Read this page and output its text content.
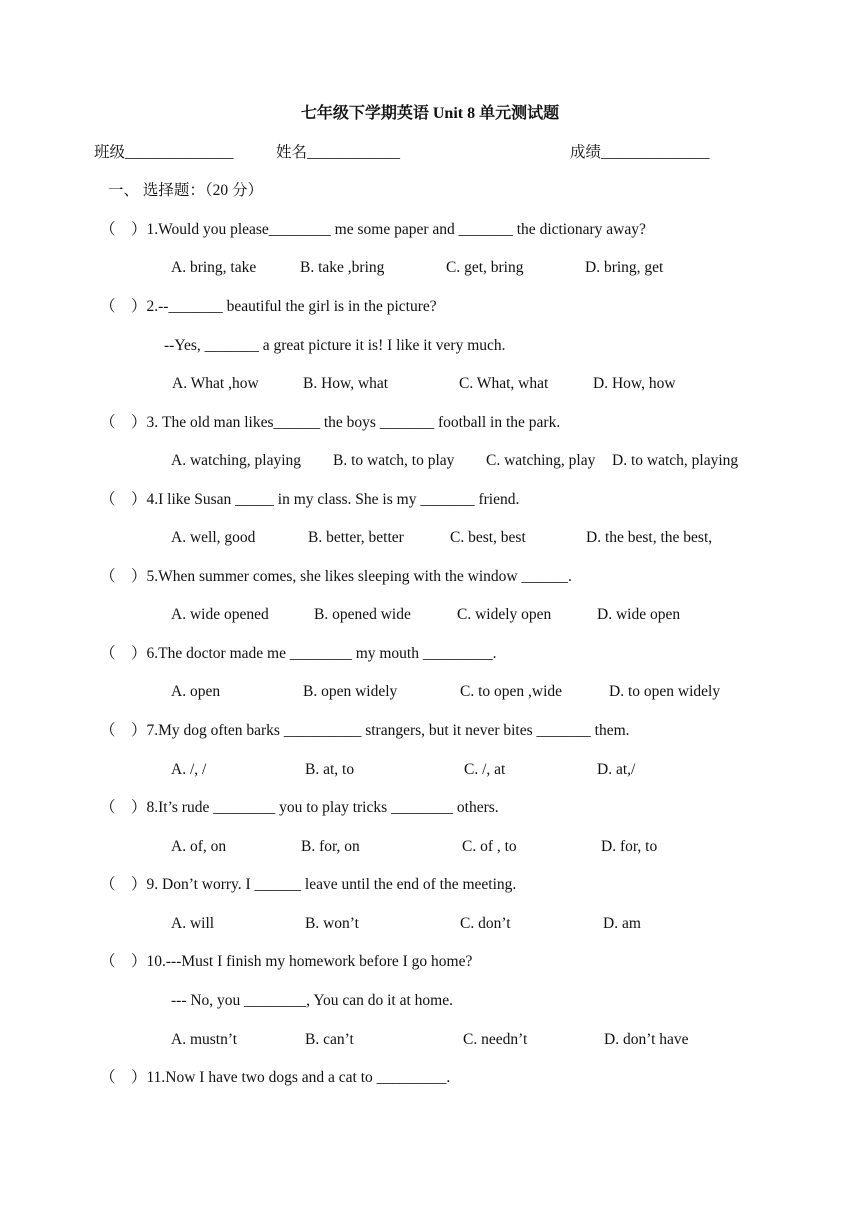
七年级下学期英语 Unit 8 单元测试题
班级______________	姓名____________	成绩______________
一、 选择题：（20 分）
（    ）1.Would you please________ me some paper and _______ the dictionary away?
A. bring, take	B. take ,bring	C. get, bring	D. bring, get
（    ）2.--_______ beautiful the girl is in the picture?
--Yes, _______ a great picture it is! I like it very much.
A. What ,how	B. How, what	C. What, what	D. How, how
（    ）3. The old man likes______ the boys _______ football in the park.
A. watching, playing B. to watch, to play C. watching, play D. to watch, playing
（    ）4.I like Susan _____ in my class. She is my _______ friend.
A. well, good	B. better, better	C. best, best	D. the best, the best,
（    ）5.When summer comes, she likes sleeping with the window ______.
A. wide opened	B. opened wide	C. widely open	D. wide open
（    ）6.The doctor made me ________ my mouth _________.
A. open	B. open widely	C. to open ,wide	D. to open widely
（    ）7.My dog often barks __________ strangers, but it never bites _______ them.
A. /, /	B. at, to	C. /, at	D. at,/
（    ）8.It’s rude ________ you to play tricks ________ others.
A. of, on	B. for, on	C. of , to	D. for, to
（    ）9. Don’t worry. I ______ leave until the end of the meeting.
A. will	B. won’t	C. don’t	D. am
（    ）10.---Must I finish my homework before I go home?
--- No, you ________, You can do it at home.
A. mustn’t	B. can’t	C. needn’t	D. don’t have
（    ）11.Now I have two dogs and a cat to _________.
